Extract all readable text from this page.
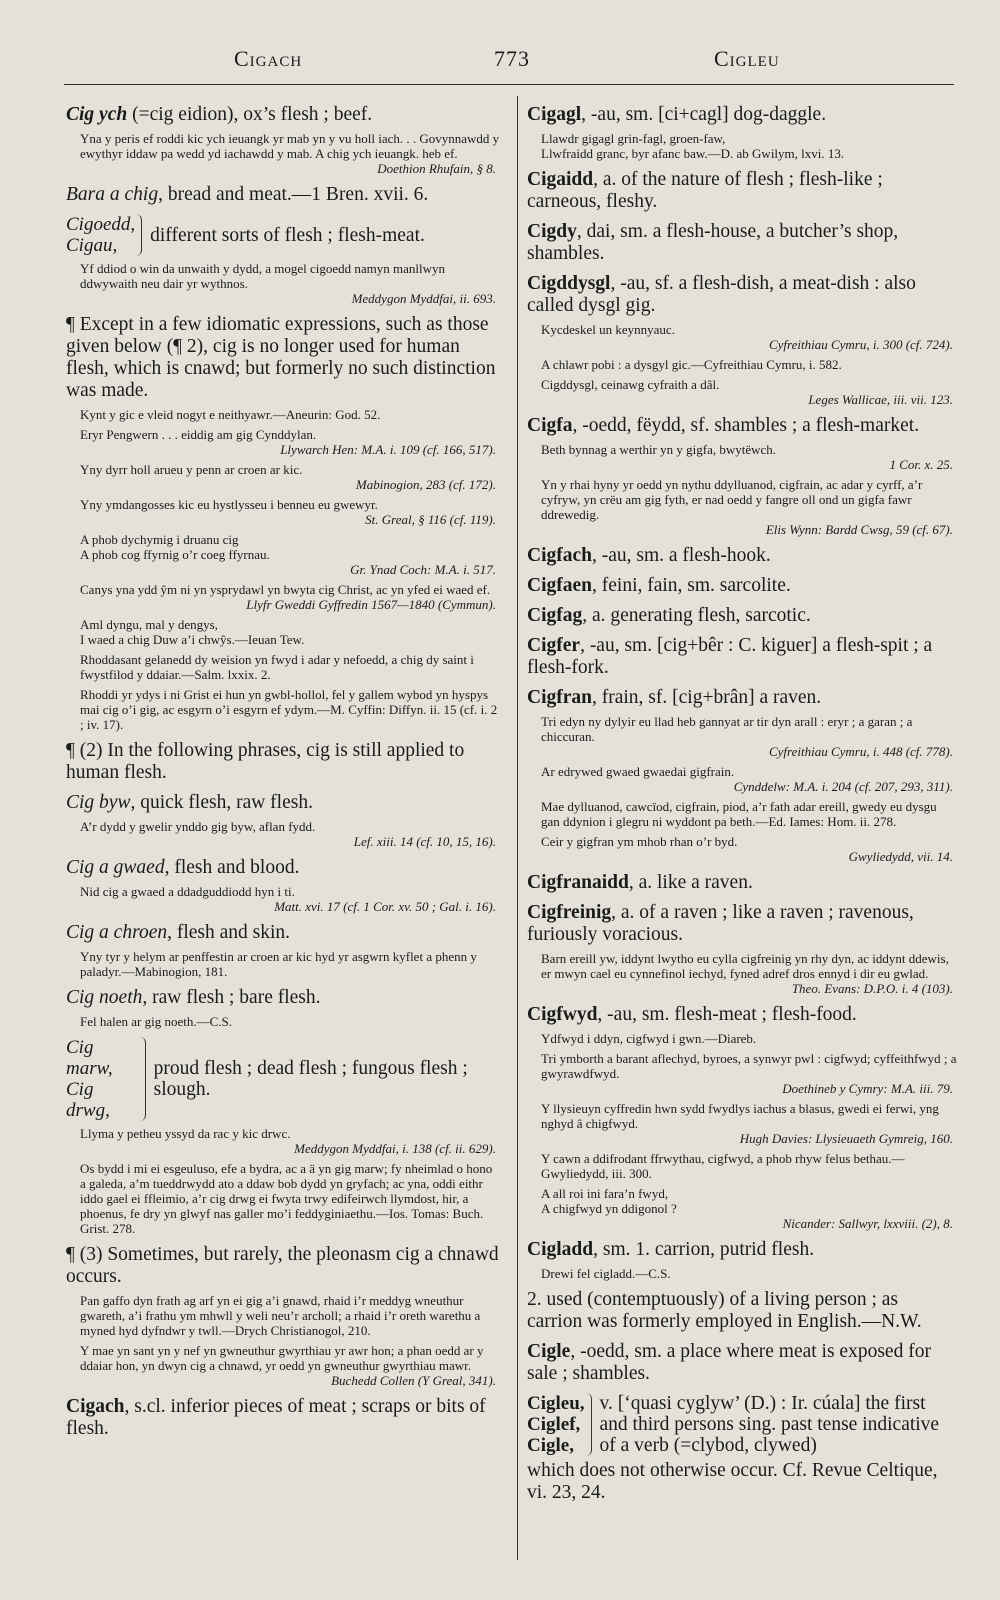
Cigach	773	Cigleu
Cig ych (=cig eidion), ox’s flesh ; beef.
Yna y peris ef roddi kic ych ieuangk yr mab yn y vu holl iach. . . Govynnawdd y ewythyr iddaw pa wedd yd iachawdd y mab. A chig ych ieuangk. heb ef.
Doethion Rhufain, § 8.
Bara a chig, bread and meat.—1 Bren. xvii. 6.
Cigoedd,
Cigau,	different sorts of flesh ; flesh-meat.
Yf ddiod o win da unwaith y dydd, a mogel cigoedd namyn manllwyn ddwywaith neu dair yr wythnos.
Meddygon Myddfai, ii. 693.
¶ Except in a few idiomatic expressions, such as those given below (¶ 2), cig is no longer used for human flesh, which is cnawd; but formerly no such distinction was made.
Kynt y gic e vleid nogyt e neithyawr.—Aneurin: God. 52.
Eryr Pengwern . . . eiddig am gig Cynddylan.
Llywarch Hen: M.A. i. 109 (cf. 166, 517).
Yny dyrr holl arueu y penn ar croen ar kic.
Mabinogion, 283 (cf. 172).
Yny ymdangosses kic eu hystlysseu i benneu eu gwewyr.
St. Greal, § 116 (cf. 119).
A phob dychymig i druanu cig
A phob cog ffyrnig o’r coeg ffyrnau.
Gr. Ynad Coch: M.A. i. 517.
Canys yna ydd ŷm ni yn ysprydawl yn bwyta cig Christ, ac yn yfed ei waed ef.
Llyfr Gweddi Gyffredin 1567—1840 (Cymmun).
Aml dyngu, mal y dengys,
I waed a chig Duw a’i chwŷs.—Ieuan Tew.
Rhoddasant gelanedd dy weision yn fwyd i adar y nefoedd, a chig dy saint i fwystfilod y ddaiar.—Salm. lxxix. 2.
Rhoddi yr ydys i ni Grist ei hun yn gwbl-hollol, fel y gallem wybod yn hyspys mai cig o’i gig, ac esgyrn o’i esgyrn ef ydym.—M. Cyffin: Diffyn. ii. 15 (cf. i. 2 ; iv. 17).
¶ (2) In the following phrases, cig is still applied to human flesh.
Cig byw, quick flesh, raw flesh.
A’r dydd y gwelir ynddo gig byw, aflan fydd.
Lef. xiii. 14 (cf. 10, 15, 16).
Cig a gwaed, flesh and blood.
Nid cig a gwaed a ddadguddiodd hyn i ti.
Matt. xvi. 17 (cf. 1 Cor. xv. 50 ; Gal. i. 16).
Cig a chroen, flesh and skin.
Yny tyr y helym ar penffestin ar croen ar kic hyd yr asgwrn kyflet a phenn y paladyr.—Mabinogion, 181.
Cig noeth, raw flesh ; bare flesh.
Fel halen ar gig noeth.—C.S.
Cig marw,
Cig drwg,
proud flesh ; dead flesh ; fungous flesh ; slough.
Llyma y petheu yssyd da rac y kic drwc.
Meddygon Myddfai, i. 138 (cf. ii. 629).
Os bydd i mi ei esgeuluso, efe a bydra, ac a ä yn gig marw; fy nheimlad o hono a galeda, a’m tueddrwydd ato a ddaw bob dydd yn gryfach; ac yna, oddi eithr iddo gael ei ffleimio, a’r cig drwg ei fwyta trwy edifeirwch llymdost, hir, a phoenus, fe dry yn glwyf nas galler mo’i feddyginiaethu.—Ios. Tomas: Buch. Grist. 278.
¶ (3) Sometimes, but rarely, the pleonasm cig a chnawd occurs.
Pan gaffo dyn frath ag arf yn ei gig a’i gnawd, rhaid i’r meddyg wneuthur gwareth, a’i frathu ym mhwll y weli neu’r archoll; a rhaid i’r oreth warethu a myned hyd dyfndwr y twll.—Drych Christianogol, 210.
Y mae yn sant yn y nef yn gwneuthur gwyrthiau yr awr hon; a phan oedd ar y ddaiar hon, yn dwyn cig a chnawd, yr oedd yn gwneuthur gwyrthiau mawr.
Buchedd Collen (Y Greal, 341).
Cigach, s.cl. inferior pieces of meat ; scraps or bits of flesh.
Cigagl, -au, sm. [ci+cagl] dog-daggle.
Llawdr gigagl grin-fagl, groen-faw,
Llwfraidd granc, byr afanc baw.—D. ab Gwilym, lxvi. 13.
Cigaidd, a. of the nature of flesh ; flesh-like ; carneous, fleshy.
Cigdy, dai, sm. a flesh-house, a butcher’s shop, shambles.
Cigddysgl, -au, sf. a flesh-dish, a meat-dish : also called dysgl gig.
Kycdeskel un keynnyauc.
Cyfreithiau Cymru, i. 300 (cf. 724).
A chlawr pobi : a dysgyl gic.—Cyfreithiau Cymru, i. 582.
Cigddysgl, ceinawg cyfraith a dâl.
Leges Wallicae, iii. vii. 123.
Cigfa, -oedd, fëydd, sf. shambles ; a flesh-market.
Beth bynnag a werthir yn y gigfa, bwytëwch.
1 Cor. x. 25.
Yn y rhai hyny yr oedd yn nythu ddylluanod, cigfrain, ac adar y cyrff, a’r cyfryw, yn crëu am gig fyth, er nad oedd y fangre oll ond un gigfa fawr ddrewedig.
Elis Wynn: Bardd Cwsg, 59 (cf. 67).
Cigfach, -au, sm. a flesh-hook.
Cigfaen, feini, fain, sm. sarcolite.
Cigfag, a. generating flesh, sarcotic.
Cigfer, -au, sm. [cig+bêr : C. kiguer] a flesh-spit ; a flesh-fork.
Cigfran, frain, sf. [cig+brân] a raven.
Tri edyn ny dylyir eu llad heb gannyat ar tir dyn arall : eryr ; a garan ; a chiccuran.
Cyfreithiau Cymru, i. 448 (cf. 778).
Ar edrywed gwaed gwaedai gigfrain.
Cynddelw: M.A. i. 204 (cf. 207, 293, 311).
Mae dylluanod, cawcïod, cigfrain, piod, a’r fath adar ereill, gwedy eu dysgu gan ddynion i glegru ni wyddont pa beth.—Ed. Iames: Hom. ii. 278.
Ceir y gigfran ym mhob rhan o’r byd.
Gwyliedydd, vii. 14.
Cigfranaidd, a. like a raven.
Cigfreinig, a. of a raven ; like a raven ; ravenous, furiously voracious.
Barn ereill yw, iddynt lwytho eu cylla cigfreinig yn rhy dyn, ac iddynt ddewis, er mwyn cael eu cynnefinol iechyd, fyned adref dros ennyd i dir eu gwlad.
Theo. Evans: D.P.O. i. 4 (103).
Cigfwyd, -au, sm. flesh-meat ; flesh-food.
Ydfwyd i ddyn, cigfwyd i gwn.—Diareb.
Tri ymborth a barant aflechyd, byroes, a synwyr pwl : cigfwyd; cyffeithfwyd ; a gwyrawdfwyd.
Doethineb y Cymry: M.A. iii. 79.
Y llysieuyn cyffredin hwn sydd fwydlys iachus a blasus, gwedi ei ferwi, yng nghyd â chigfwyd.
Hugh Davies: Llysieuaeth Gymreig, 160.
Y cawn a ddifrodant ffrwythau, cigfwyd, a phob rhyw felus bethau.—Gwyliedydd, iii. 300.
A all roi ini fara’n fwyd,
A chigfwyd yn ddigonol ?
Nicander: Sallwyr, lxxviii. (2), 8.
Cigladd, sm. 1. carrion, putrid flesh.
Drewi fel cigladd.—C.S.
2. used (contemptuously) of a living person ; as carrion was formerly employed in English.—N.W.
Cigle, -oedd, sm. a place where meat is exposed for sale ; shambles.
Cigleu,
Ciglef,
Cigle,
v. [‘quasi cyglyw’ (D.) : Ir. cúala] the first and third persons sing. past tense indicative of a verb (=clybod, clywed)
which does not otherwise occur. Cf. Revue Celtique, vi. 23, 24.
